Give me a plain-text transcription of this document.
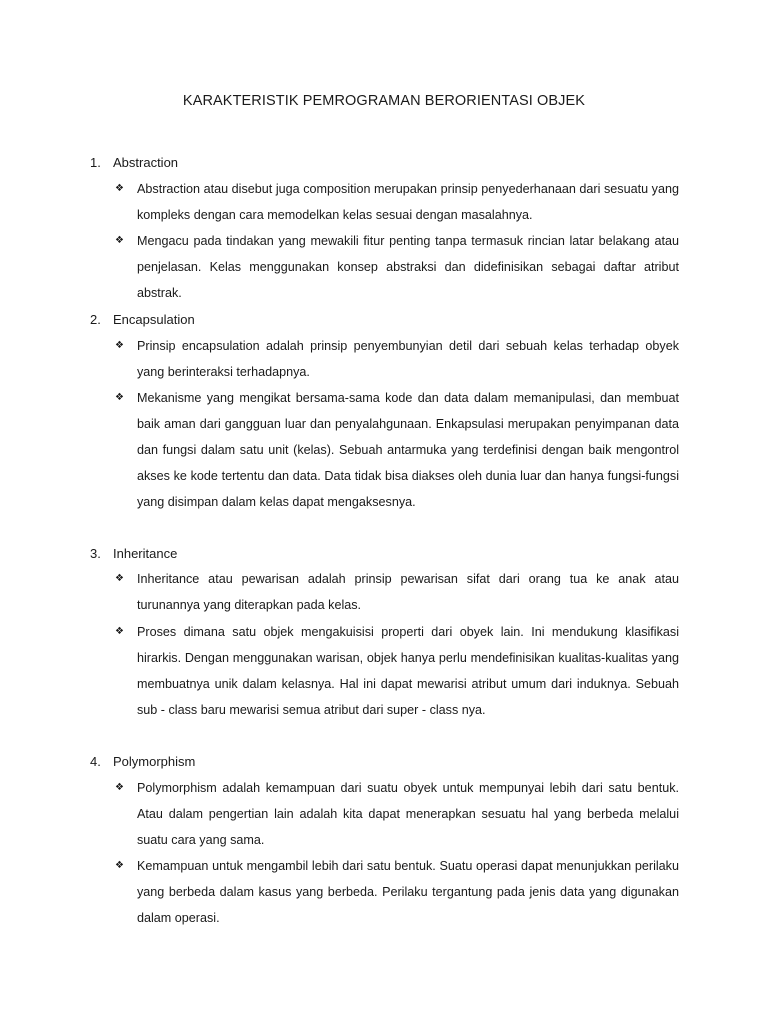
KARAKTERISTIK PEMROGRAMAN BERORIENTASI OBJEK
1. Abstraction
❖	Abstraction atau disebut juga composition merupakan prinsip penyederhanaan dari sesuatu yang kompleks dengan cara memodelkan kelas sesuai dengan masalahnya.
❖	Mengacu pada tindakan yang mewakili fitur penting tanpa termasuk rincian latar belakang atau penjelasan. Kelas menggunakan konsep abstraksi dan didefinisikan sebagai daftar atribut abstrak.
2. Encapsulation
❖	Prinsip encapsulation adalah prinsip penyembunyian detil dari sebuah kelas terhadap obyek yang berinteraksi terhadapnya.
❖	Mekanisme yang mengikat bersama-sama kode dan data dalam memanipulasi, dan membuat baik aman dari gangguan luar dan penyalahgunaan. Enkapsulasi merupakan penyimpanan data dan fungsi dalam satu unit (kelas). Sebuah antarmuka yang terdefinisi dengan baik mengontrol akses ke kode tertentu dan data. Data tidak bisa diakses oleh dunia luar dan hanya fungsi-fungsi yang disimpan dalam kelas dapat mengaksesnya.
3. Inheritance
❖	Inheritance atau pewarisan adalah prinsip pewarisan sifat dari orang tua ke anak atau turunannya yang diterapkan pada kelas.
❖	Proses dimana satu objek mengakuisisi properti dari obyek lain. Ini mendukung klasifikasi hirarkis. Dengan menggunakan warisan, objek hanya perlu mendefinisikan kualitas-kualitas yang membuatnya unik dalam kelasnya. Hal ini dapat mewarisi atribut umum dari induknya. Sebuah sub - class baru mewarisi semua atribut dari super - class nya.
4. Polymorphism
❖	Polymorphism adalah kemampuan dari suatu obyek untuk mempunyai lebih dari satu bentuk. Atau dalam pengertian lain adalah kita dapat menerapkan sesuatu hal yang berbeda melalui suatu cara yang sama.
❖	Kemampuan untuk mengambil lebih dari satu bentuk. Suatu operasi dapat menunjukkan perilaku yang berbeda dalam kasus yang berbeda. Perilaku tergantung pada jenis data yang digunakan dalam operasi.
